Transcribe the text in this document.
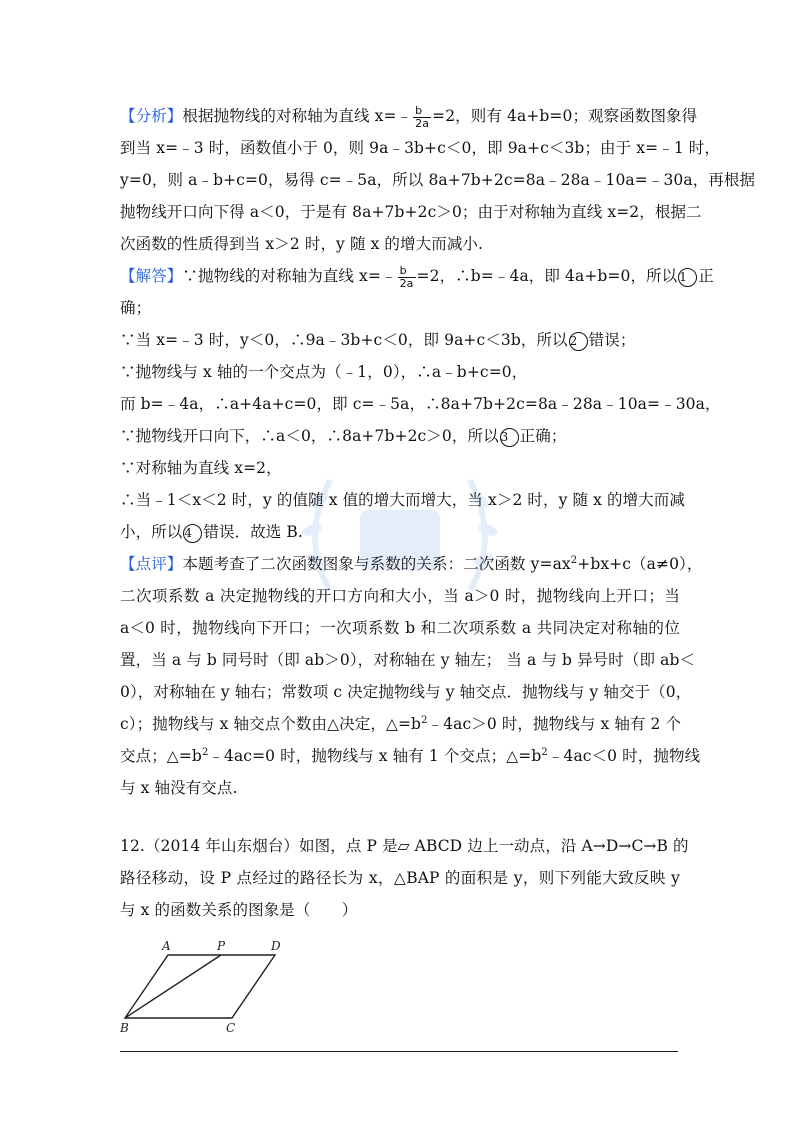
【分析】根据抛物线的对称轴为直线 x=﹣ $\frac{b}{2a} =2$，则有 4a+b=0；观察函数图象得
到当 x=﹣3 时，函数值小于 0，则 9a﹣3b+c＜0，即 9a+c＜3b；由于 x=﹣1 时，
y=0，则 a﹣b+c=0，易得 c=﹣5a，所以 8a+7b+2c=8a﹣28a﹣10a=﹣30a，再根据
抛物线开口向下得 a＜0，于是有 8a+7b+2c＞0；由于对称轴为直线 x=2，根据二
次函数的性质得到当 x＞2 时，y 随 x 的增大而减小.
【解答】∵抛物线的对称轴为直线 x=﹣ $\frac{b}{2a} =2$，∴b=﹣4a，即 4a+b=0，所以 1 正
确；
∵当 x=﹣3 时，y＜0，∴9a﹣3b+c＜0，即 9a+c＜3b，所以 2 错误；
∵抛物线与 x 轴的一个交点为（﹣1，0），∴a﹣b+c=0，
而 b=﹣4a，∴a+4a+c=0，即 c=﹣5a，∴8a+7b+2c=8a﹣28a﹣10a=﹣30a，
∵抛物线开口向下，∴a＜0，∴8a+7b+2c＞0，所以 3 正确；
∵对称轴为直线 x=2，
∴当﹣1＜x＜2 时，y 的值随 x 值的增大而增大，当 x＞2 时，y 随 x 的增大而减
小，所以 4 错误．故选 B.
【点评】本题考查了二次函数图象与系数的关系：二次函数 $y=ax^2+bx+c(a\ne 0)$，
二次项系数 a 决定抛物线的开口方向和大小，当 a＞0 时，抛物线向上开口；当
a＜0 时，抛物线向下开口；一次项系数 b 和二次项系数 a 共同决定对称轴的位
置，当 a 与 b 同号时（即 ab＞0），对称轴在 y 轴左； 当 a 与 b 异号时（即 ab＜
0），对称轴在 y 轴右；常数项 c 决定抛物线与 y 轴交点．抛物线与 y 轴交于（0，
c）；抛物线与 x 轴交点个数由△决定，$\triangle=b^2﹣4ac>0$ 时，抛物线与 x 轴有 2 个
交点；$\triangle=b^2﹣4ac=0$ 时，抛物线与 x 轴有 1 个交点；$\triangle=b^2﹣4ac<0$ 时，抛物线
与 x 轴没有交点.
12.（2014 年山东烟台）如图，点 P 是▱ ABCD 边上一动点，沿 A→D→C→B 的
路径移动，设 P 点经过的路径长为 x，△BAP 的面积是 y，则下列能大致反映 y
与 x 的函数关系的图象是（　　）
A	P	D
B	C
